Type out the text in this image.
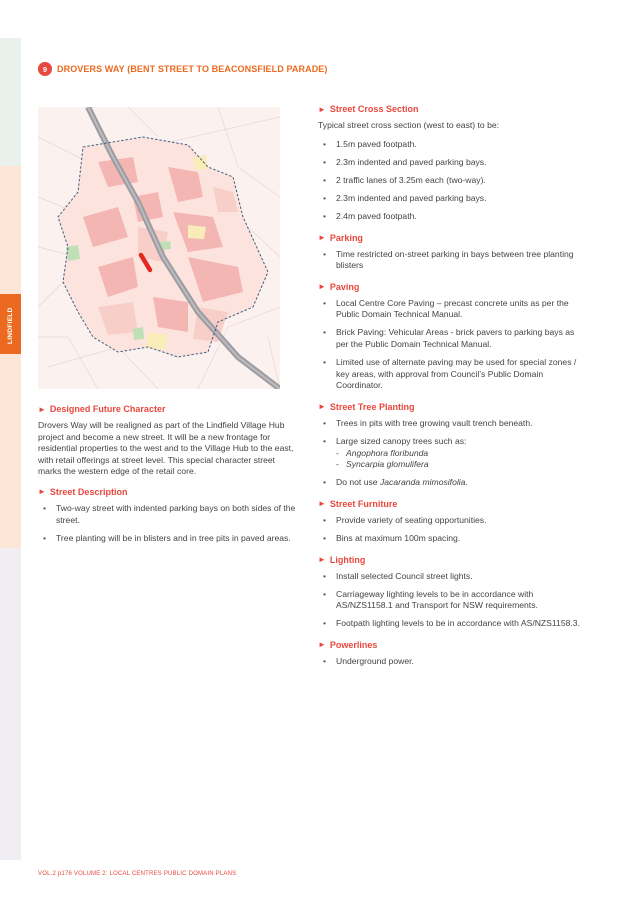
LINDFIELD
9	DROVERS WAY (BENT STREET TO BEACONSFIELD PARADE)
► Designed Future Character

Drovers Way will be realigned as part of the Lindfield Village Hub project and become a new street. It will be a new frontage for residential properties to the west and to the Village Hub to the east, with retail offerings at street level. This special character street marks the western edge of the retail core.

► Street Description
• Two-way street with indented parking bays on both sides of the street.
• Tree planting will be in blisters and in tree pits in paved areas.
► Street Cross Section

Typical street cross section (west to east) to be:

• 1.5m paved footpath.
• 2.3m indented and paved parking bays.
• 2 traffic lanes of 3.25m each (two-way).
• 2.3m indented and paved parking bays.
• 2.4m paved footpath.
► Parking
• Time restricted on-street parking in bays between tree planting blisters
► Paving
• Local Centre Core Paving – precast concrete units as per the Public Domain Technical Manual.
• Brick Paving: Vehicular Areas - brick pavers to parking bays as per the Public Domain Technical Manual.
• Limited use of alternate paving may be used for special zones / key areas, with approval from Council’s Public Domain Coordinator.
► Street Tree Planting
• Trees in pits with tree growing vault trench beneath.
• Large sized canopy trees such as:
- Angophora floribunda
- Syncarpia glomulifera
• Do not use Jacaranda mimosifolia.
► Street Furniture
• Provide variety of seating opportunities.
• Bins at maximum 100m spacing.
► Lighting
• Install selected Council street lights.
• Carriageway lighting levels to be in accordance with AS/NZS1158.1 and Transport for NSW requirements.
• Footpath lighting levels to be in accordance with AS/NZS1158.3.
► Powerlines
• Underground power.
VOL.2 p176 VOLUME 2: LOCAL CENTRES PUBLIC DOMAIN PLANS
